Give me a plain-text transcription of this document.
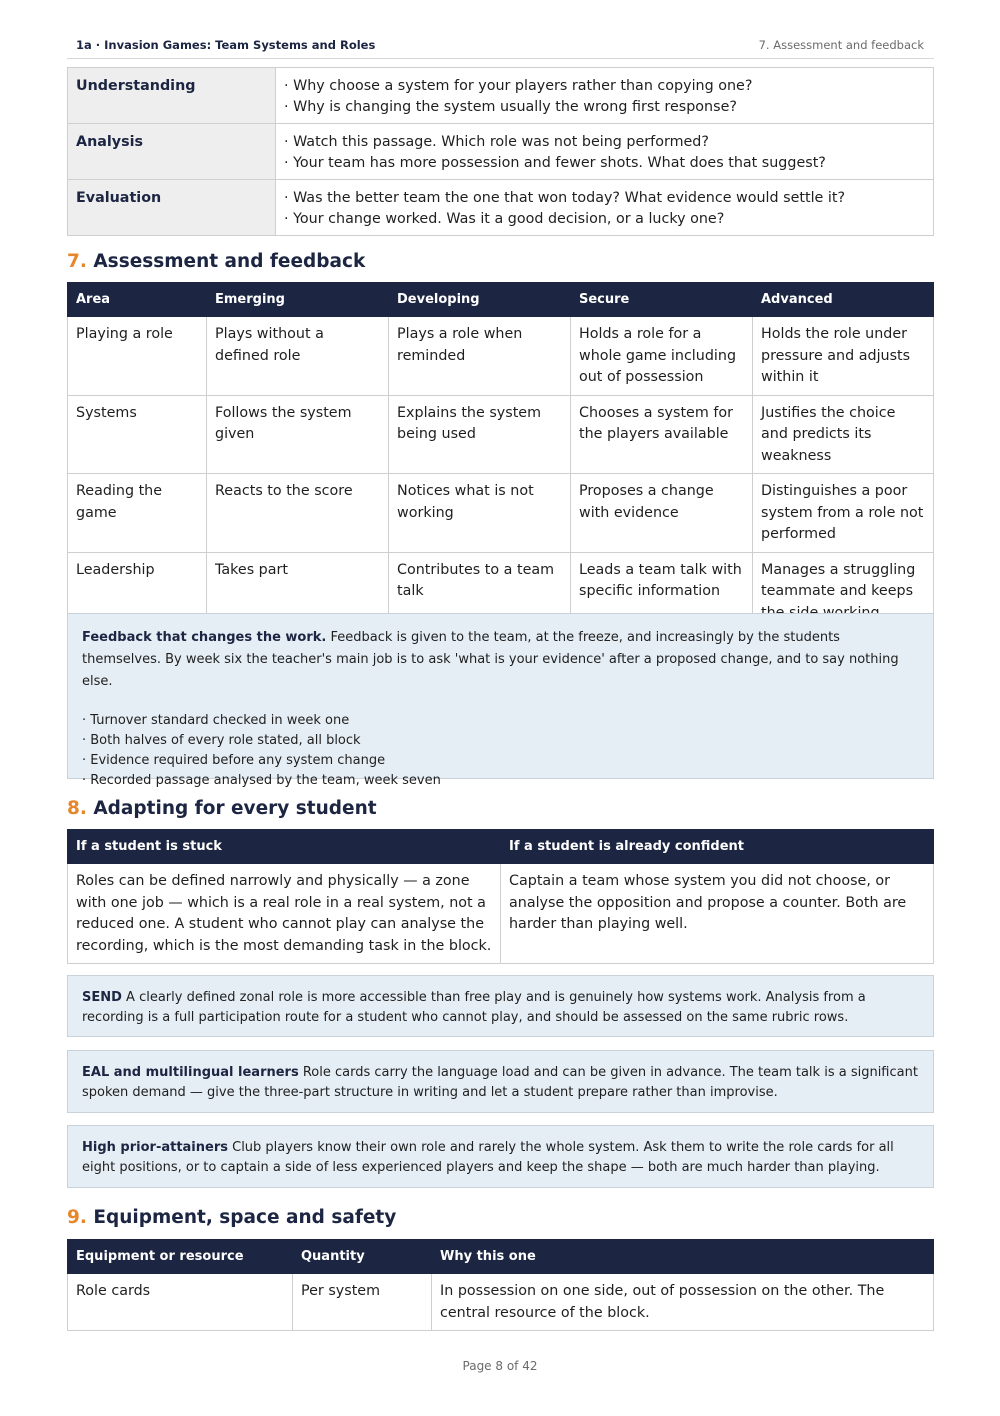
1a · Invasion Games: Team Systems and Roles	7. Assessment and feedback
Understanding	· Why choose a system for your players rather than copying one?
· Why is changing the system usually the wrong first response?

Analysis	· Watch this passage. Which role was not being performed?
· Your team has more possession and fewer shots. What does that suggest?

Evaluation	· Was the better team the one that won today? What evidence would settle it?
· Your change worked. Was it a good decision, or a lucky one?
7. Assessment and feedback
Area	Emerging	Developing	Secure	Advanced
Playing a role	Plays without a defined role	Plays a role when reminded	Holds a role for a whole game including out of possession	Holds the role under pressure and adjusts within it
Systems	Follows the system given	Explains the system being used	Chooses a system for the players available	Justifies the choice and predicts its weakness
Reading the game	Reacts to the score	Notices what is not working	Proposes a change with evidence	Distinguishes a poor system from a role not performed
Leadership	Takes part	Contributes to a team talk	Leads a team talk with specific information	Manages a struggling teammate and keeps
Feedback that changes the work. Feedback is given to the team, at the freeze, and increasingly by the students themselves. By week six the teacher's main job is to ask 'what is your evidence' after a proposed change, and to say nothing else.
· Turnover standard checked in week one
· Both halves of every role stated, all block
· Evidence required before any system change
· Recorded passage analysed by the team, week seven
8. Adapting for every student
If a student is stuck	If a student is already confident
Roles can be defined narrowly and physically — a zone with one job — which is a real role in a real system, not a reduced one. A student who cannot play can analyse the recording, which is the most demanding task in the block.	Captain a team whose system you did not choose, or analyse the opposition and propose a counter. Both are harder than playing well.
SEND A clearly defined zonal role is more accessible than free play and is genuinely how systems work. Analysis from a recording is a full participation route for a student who cannot play, and should be assessed on the same rubric rows.
EAL and multilingual learners Role cards carry the language load and can be given in advance. The team talk is a significant spoken demand — give the three-part structure in writing and let a student prepare rather than improvise.
High prior-attainers Club players know their own role and rarely the whole system. Ask them to write the role cards for all eight positions, or to captain a side of less experienced players and keep the shape — both are much harder than playing.
9. Equipment, space and safety
Equipment or resource	Quantity	Why this one
Role cards	Per system	In possession on one side, out of possession on the other. The central resource of the block.
Page 8 of 42
